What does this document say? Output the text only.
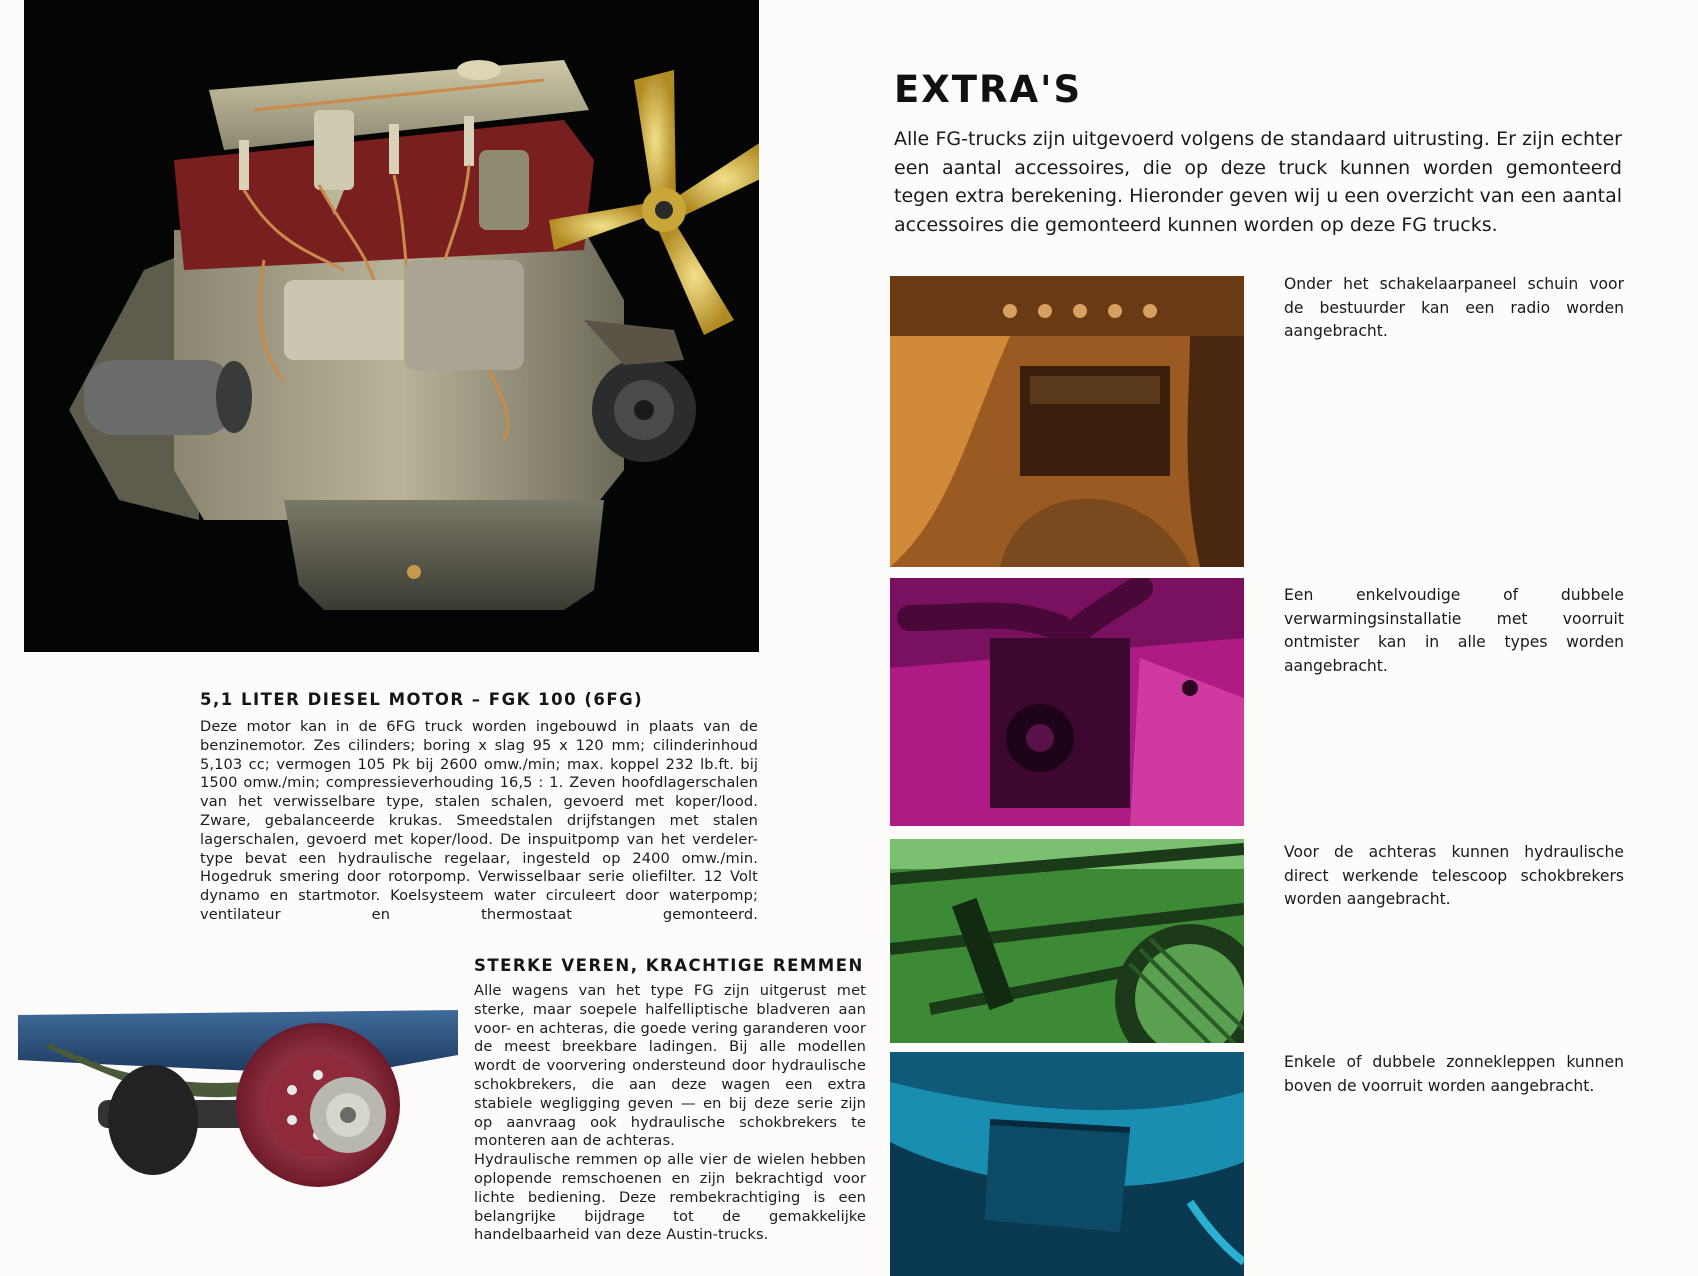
5,1 LITER DIESEL MOTOR – FGK 100 (6FG)

Deze motor kan in de 6FG truck worden ingebouwd in plaats van de benzinemotor. Zes cilinders; boring x slag 95 x 120 mm; cilinderinhoud 5,103 cc; vermogen 105 Pk bij 2600 omw./min; max. koppel 232 lb.ft. bij 1500 omw./min; compressieverhouding 16,5 : 1. Zeven hoofdlagerschalen van het verwisselbare type, stalen schalen, gevoerd met koper/lood. Zware, gebalanceerde krukas. Smeedstalen drijfstangen met stalen lagerschalen, gevoerd met koper/lood. De inspuitpomp van het verdeler-type bevat een hydraulische regelaar, ingesteld op 2400 omw./min. Hogedruk smering door rotorpomp. Verwisselbaar serie oliefilter. 12 Volt dynamo en startmotor. Koelsysteem water circuleert door waterpomp; ventilateur en thermostaat gemonteerd.

STERKE VEREN, KRACHTIGE REMMEN

Alle wagens van het type FG zijn uitgerust met sterke, maar soepele halfelliptische bladveren aan voor- en achteras, die goede vering garanderen voor de meest breekbare ladingen. Bij alle modellen wordt de voorvering ondersteund door hydraulische schokbrekers, die aan deze wagen een extra stabiele wegligging geven — en bij deze serie zijn op aanvraag ook hydraulische schokbrekers te monteren aan de achteras.

Hydraulische remmen op alle vier de wielen hebben oplopende remschoenen en zijn bekrachtigd voor lichte bediening. Deze rembekrachtiging is een belangrijke bijdrage tot de gemakkelijke handelbaarheid van deze Austin-trucks.

EXTRA'S
Alle FG-trucks zijn uitgevoerd volgens de standaard uitrusting. Er zijn echter een aantal accessoires, die op deze truck kunnen worden gemonteerd tegen extra berekening. Hieronder geven wij u een overzicht van een aantal accessoires die gemonteerd kunnen worden op deze FG trucks.
Onder het schakelaarpaneel schuin voor de bestuurder kan een radio worden aangebracht.
Een enkelvoudige of dubbele verwarmingsinstallatie met voorruit ontmister kan in alle types worden aangebracht.
Voor de achteras kunnen hydraulische direct werkende telescoop schokbrekers worden aangebracht.
Enkele of dubbele zonnekleppen kunnen boven de voorruit worden aangebracht.
